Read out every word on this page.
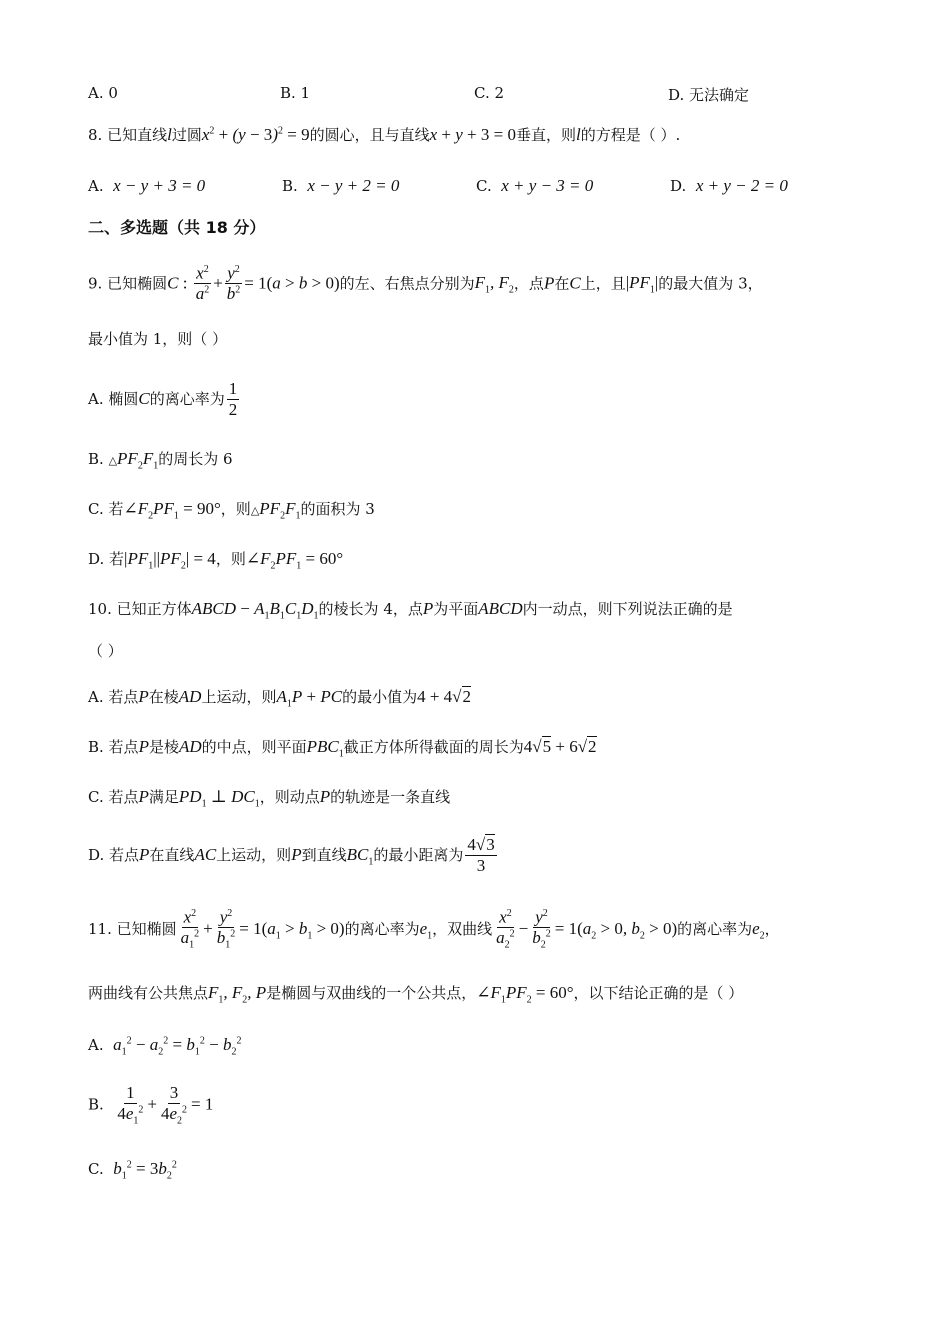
A. 0	B. 1	C. 2	D. 无法确定
8. 已知直线l过圆$x^2 + (y - 3)^2 = 9$的圆心，且与直线x + y + 3 = 0垂直，则l的方程是（ ）.
A. x − y + 3 = 0	B. x − y + 2 = 0	C. x + y − 3 = 0	D. x + y − 2 = 0
二、多选题（共 18 分）
9. 已知椭圆C : $\frac{x^2}{a^2} + \frac{y^2}{b^2} = 1(a > b > 0)$的左、右焦点分别为$F_1$, $F_2$，点P在C上，且$|PF_1|$的最大值为 3，
最小值为 1，则（ ）
A. 椭圆C的离心率为 $\frac{1}{2}$
B. $\triangle PF_2F_1$的周长为 6
C. 若$\angle F_2PF_1 = 90^\circ$，则$\triangle PF_2F_1$的面积为 3
D. 若$|PF_1||PF_2| = 4$，则$\angle F_2PF_1 = 60^\circ$
10. 已知正方体ABCD − $A_1B_1C_1D_1$的棱长为 4，点P为平面ABCD内一动点，则下列说法正确的是
（ ）
A. 若点P在棱AD上运动，则$A_1P$ + PC的最小值为4 + 4√2
B. 若点P是棱AD的中点，则平面$PBC_1$截正方体所得截面的周长为4√5 + 6√2
C. 若点P满足$PD_1$ ⊥ $DC_1$，则动点P的轨迹是一条直线
D. 若点P在直线AC上运动，则P到直线$BC_1$的最小距离为 $\frac{4√3}{3}$
11. 已知椭圆 $\frac{x^2}{a_1^2} + \frac{y^2}{b_1^2} = 1(a_1 > b_1 > 0)$的离心率为$e_1$，双曲线 $\frac{x^2}{a_2^2} - \frac{y^2}{b_2^2} = 1(a_2 > 0$, $b_2 > 0$)的离心率为$e_2$，
两曲线有公共焦点$F_1$, $F_2$, P是椭圆与双曲线的一个公共点，$\angle F_1PF_2 = 60^\circ$，以下结论正确的是（ ）
A. $a_1^2 - a_2^2 = b_1^2 - b_2^2$
B. $\frac{1}{4e_1^2} + \frac{3}{4e_2^2} = 1$
C. $b_1^2 = 3b_2^2$
